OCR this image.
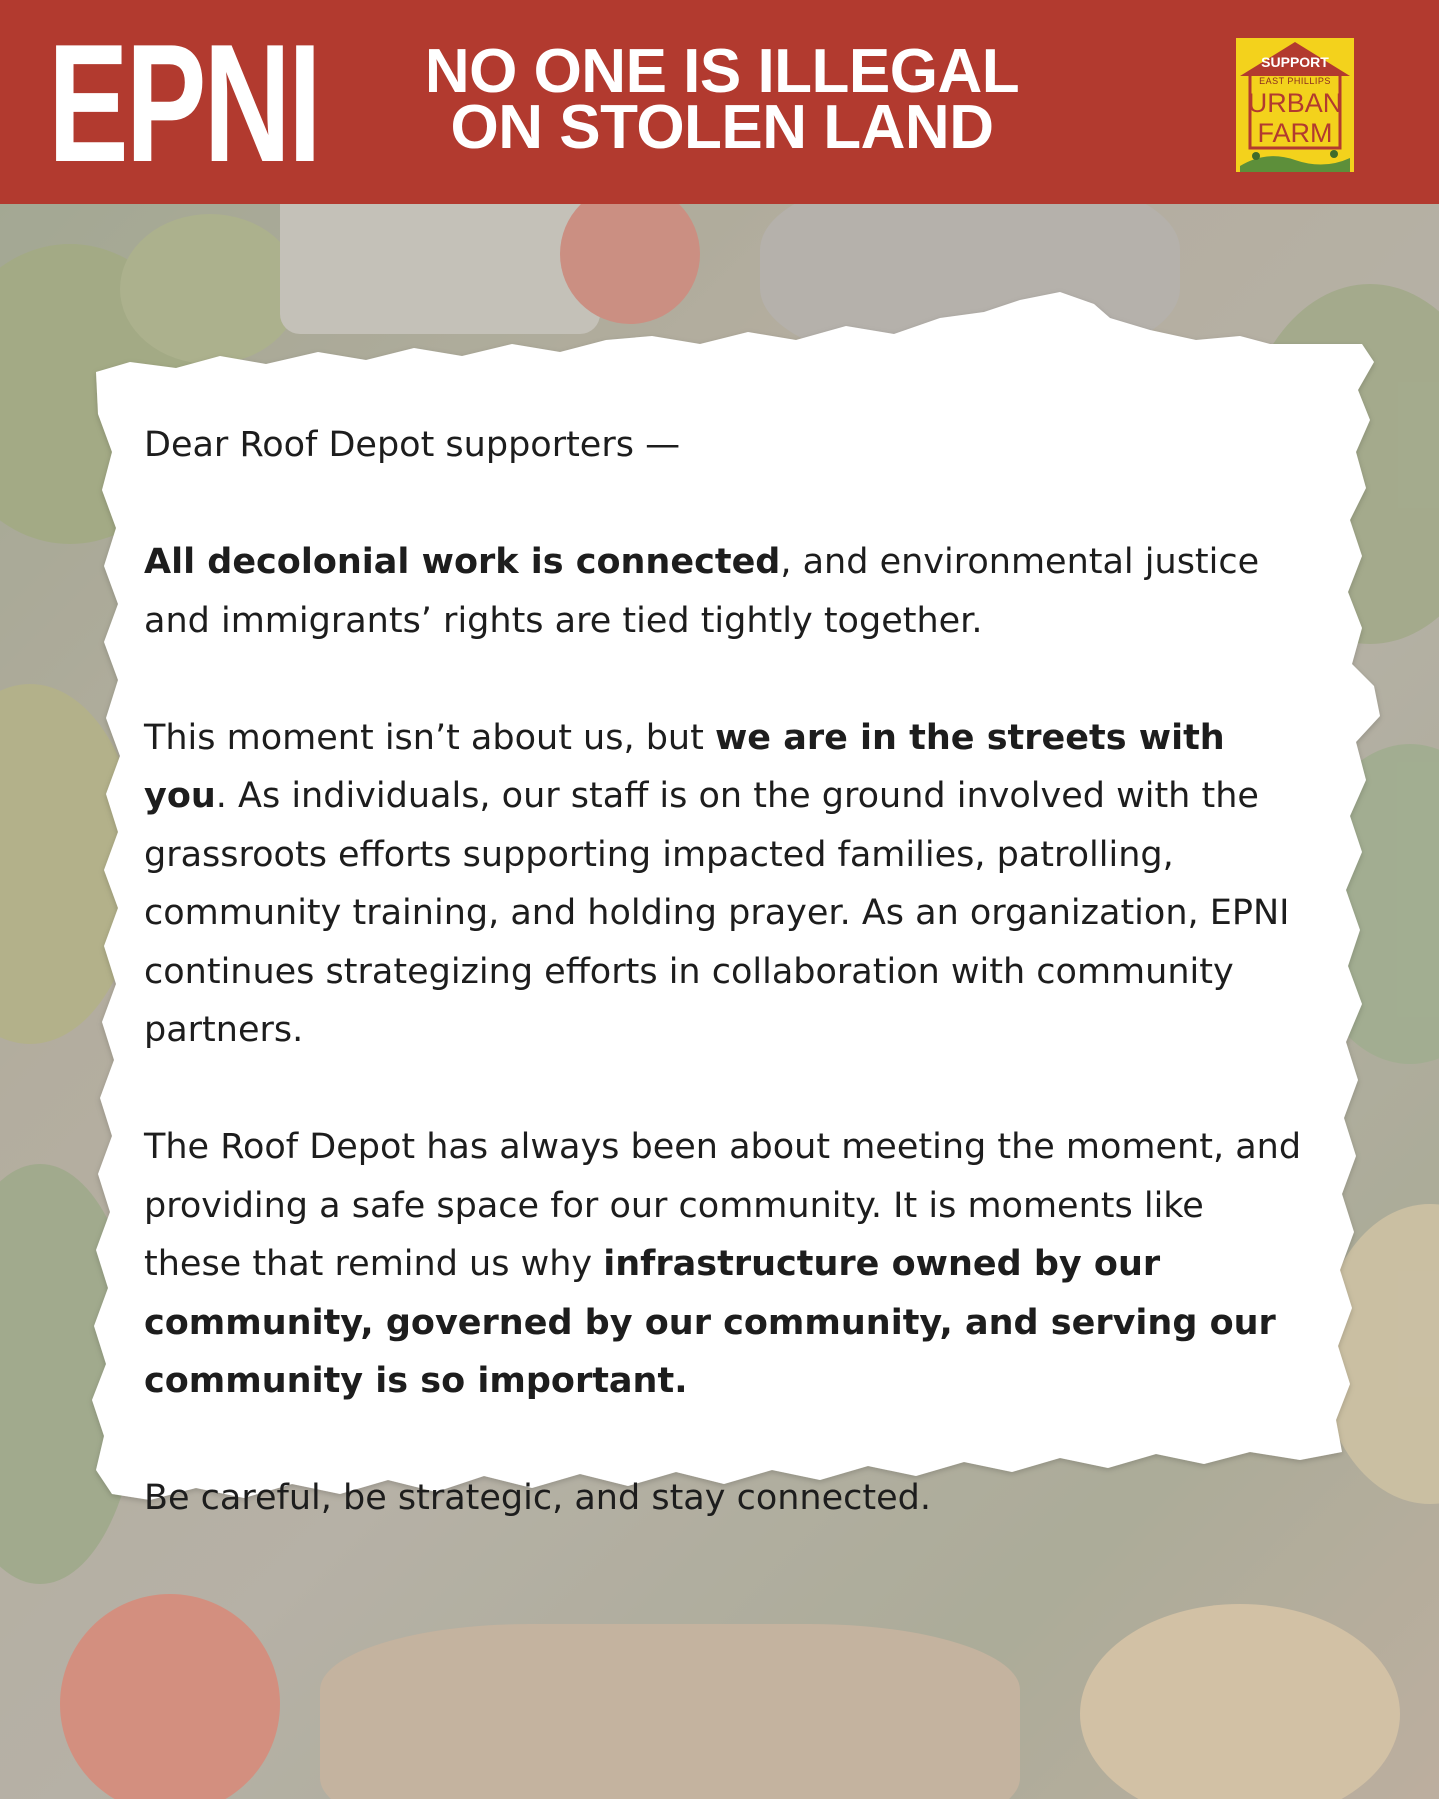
EPNI	NO ONE IS ILLEGAL
ON STOLEN LAND
SUPPORT
EAST PHILLIPS
URBAN
FARM

Dear Roof Depot supporters —

All decolonial work is connected, and environmental justice and immigrants’ rights are tied tightly together.

This moment isn’t about us, but we are in the streets with you. As individuals, our staff is on the ground involved with the grassroots efforts supporting impacted families, patrolling, community training, and holding prayer. As an organization, EPNI continues strategizing efforts in collaboration with community partners.

The Roof Depot has always been about meeting the moment, and providing a safe space for our community. It is moments like these that remind us why infrastructure owned by our community, governed by our community, and serving our community is so important.

Be careful, be strategic, and stay connected.
